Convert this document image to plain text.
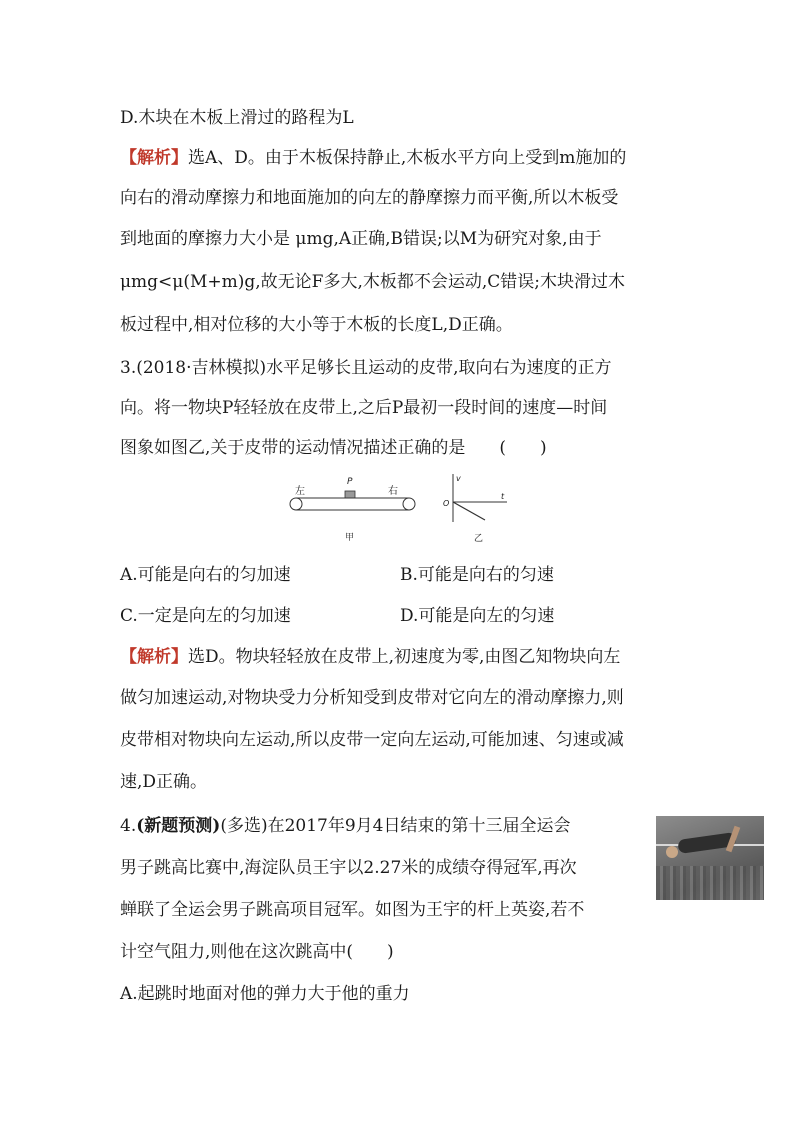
D.木块在木板上滑过的路程为L
【解析】选A、D。由于木板保持静止,木板水平方向上受到m施加的
向右的滑动摩擦力和地面施加的向左的静摩擦力而平衡,所以木板受
到地面的摩擦力大小是 μmg,A正确,B错误;以M为研究对象,由于
μmg<μ(M+m)g,故无论F多大,木板都不会运动,C错误;木块滑过木
板过程中,相对位移的大小等于木板的长度L,D正确。
3.(2018·吉林模拟)水平足够长且运动的皮带,取向右为速度的正方
向。将一物块P轻轻放在皮带上,之后P最初一段时间的速度—时间
图象如图乙,关于皮带的运动情况描述正确的是　　(　　)
左	右
P
甲
v
t
O
乙
A.可能是向右的匀加速	B.可能是向右的匀速
C.一定是向左的匀加速	D.可能是向左的匀速
【解析】选D。物块轻轻放在皮带上,初速度为零,由图乙知物块向左
做匀加速运动,对物块受力分析知受到皮带对它向左的滑动摩擦力,则
皮带相对物块向左运动,所以皮带一定向左运动,可能加速、匀速或减
速,D正确。
4.(新题预测)(多选)在2017年9月4日结束的第十三届全运会
男子跳高比赛中,海淀队员王宇以2.27米的成绩夺得冠军,再次
蝉联了全运会男子跳高项目冠军。如图为王宇的杆上英姿,若不
计空气阻力,则他在这次跳高中(　　)
A.起跳时地面对他的弹力大于他的重力
